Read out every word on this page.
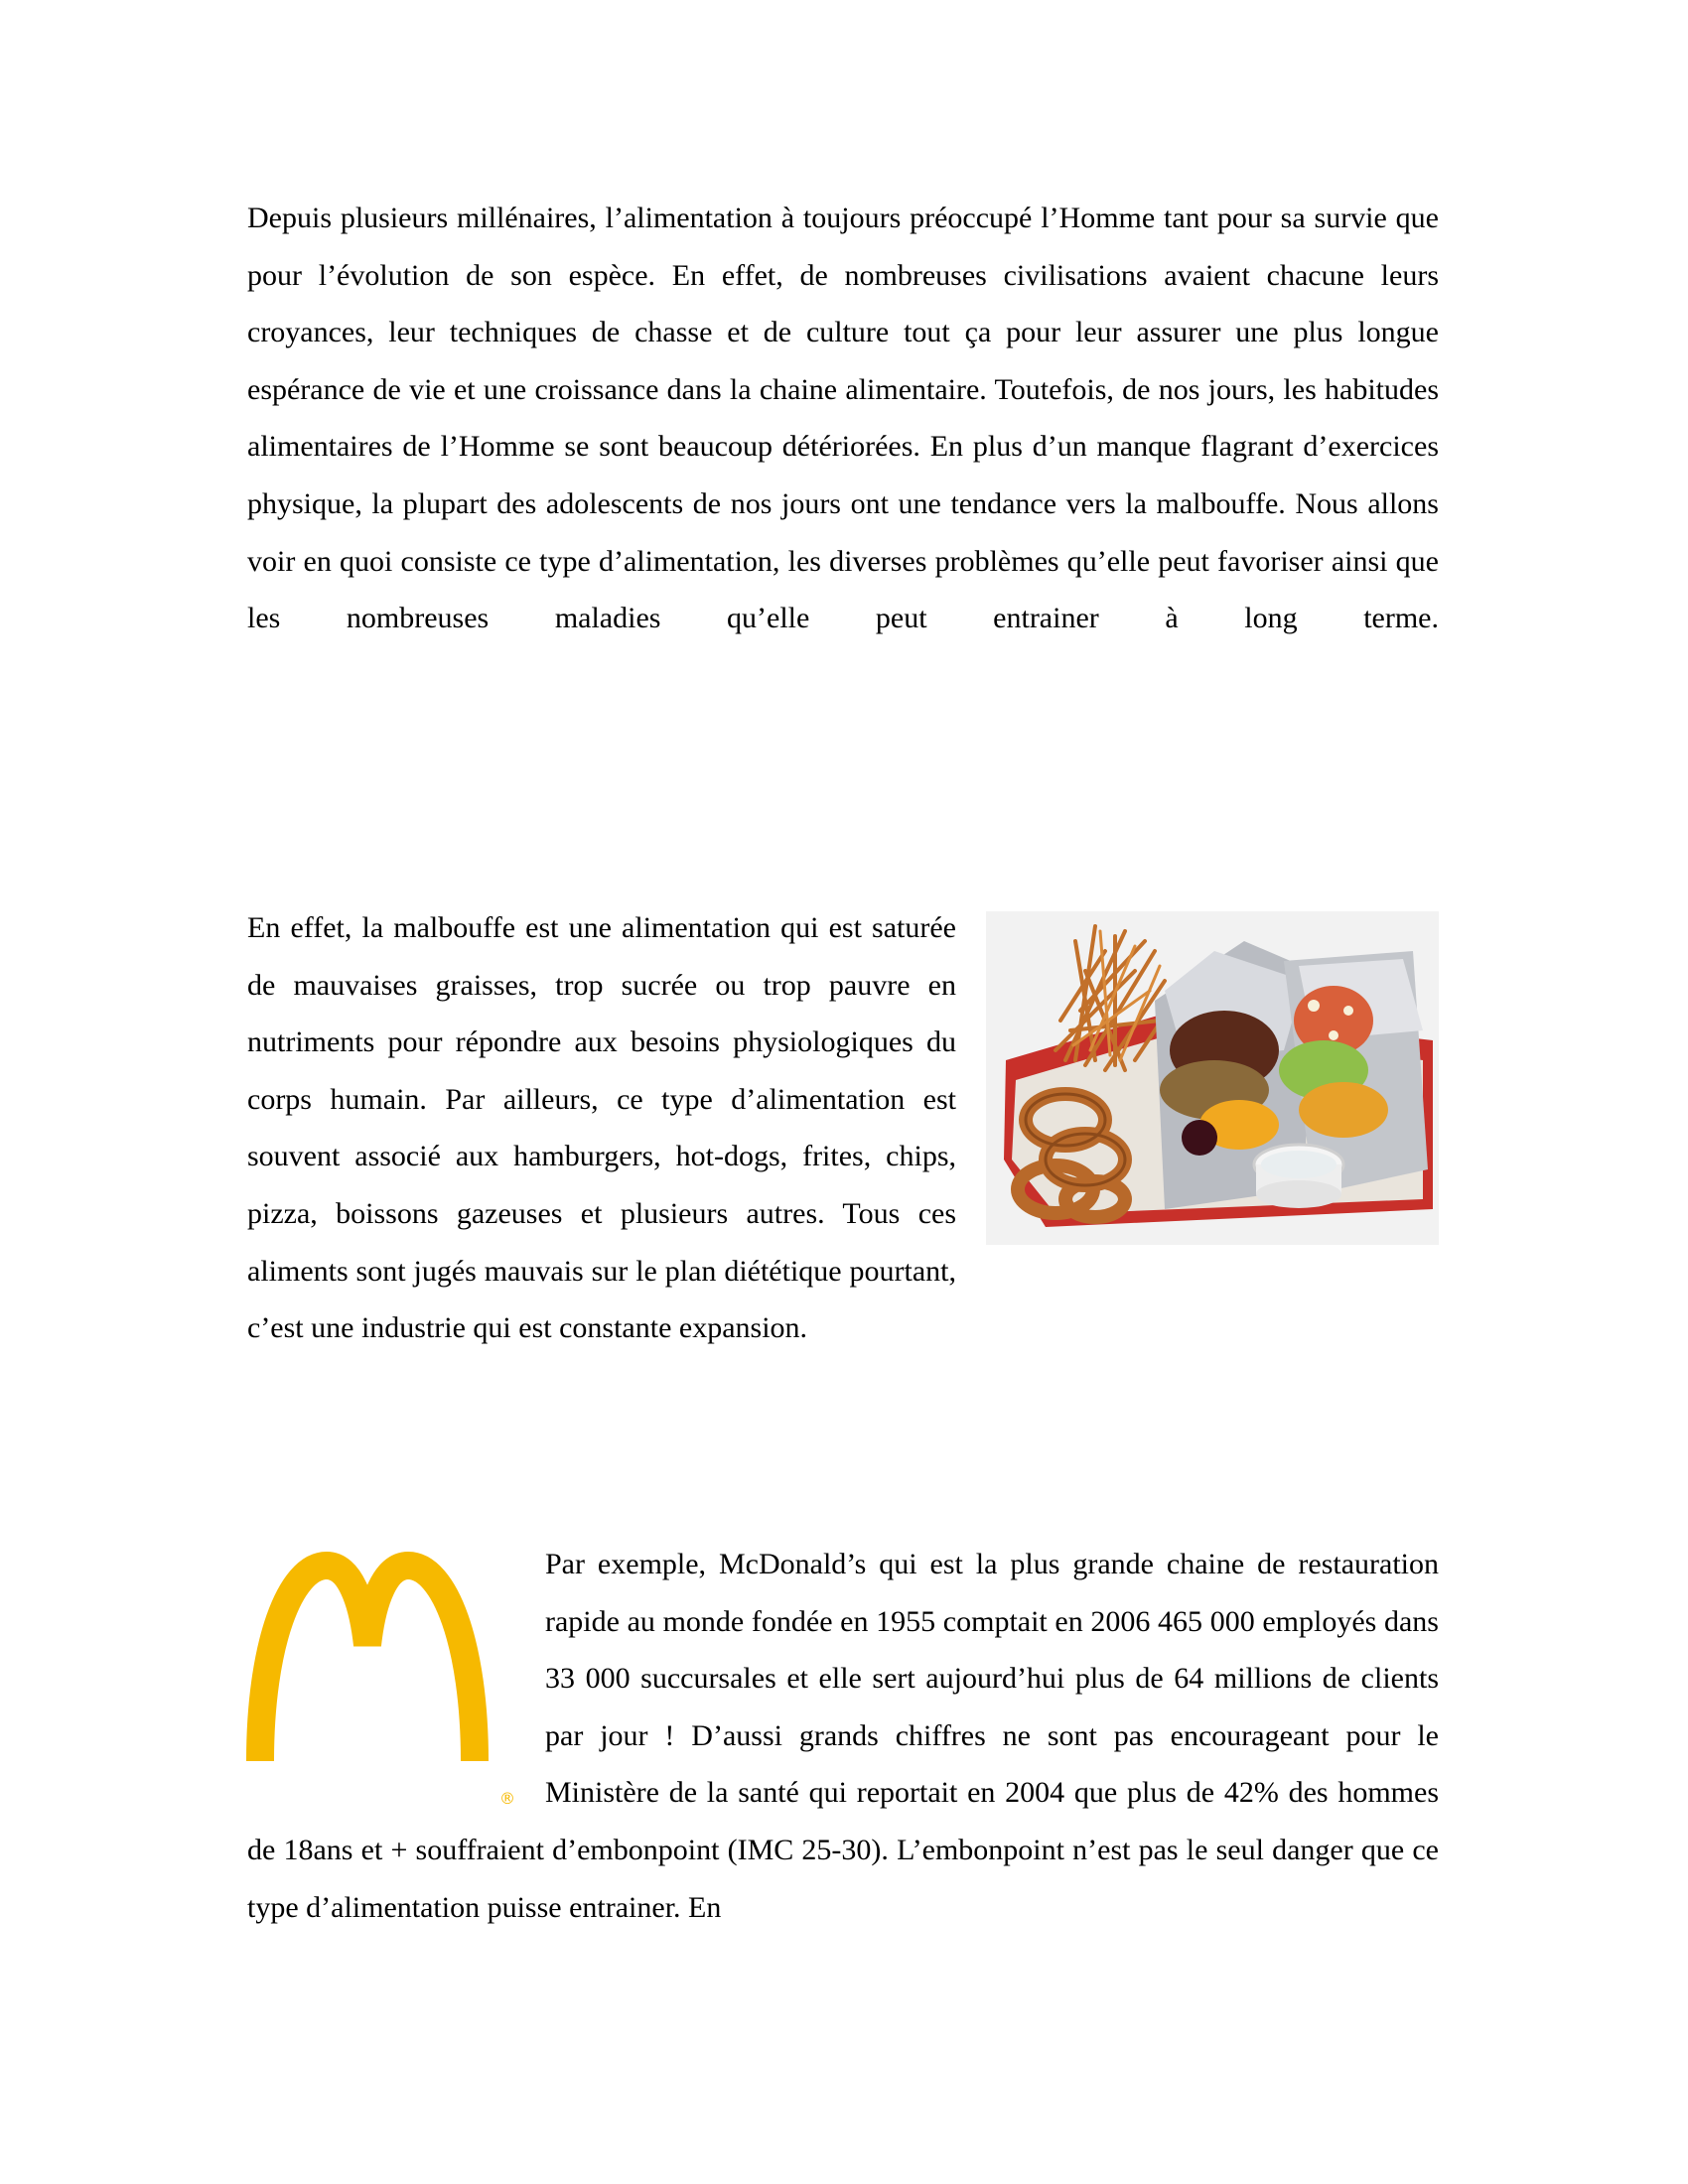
Depuis plusieurs millénaires, l’alimentation à toujours préoccupé l’Homme tant pour sa survie que pour l’évolution de son espèce. En effet, de nombreuses civilisations avaient chacune leurs croyances, leur techniques de chasse et de culture tout ça pour leur assurer une plus longue espérance de vie et une croissance dans la chaine alimentaire. Toutefois, de nos jours, les habitudes alimentaires de l’Homme se sont beaucoup détériorées. En plus d’un manque flagrant d’exercices physique, la plupart des adolescents de nos jours ont une tendance vers la malbouffe. Nous allons voir en quoi consiste ce type d’alimentation, les diverses problèmes qu’elle peut favoriser ainsi que les nombreuses maladies qu’elle peut entrainer à long terme.

En effet, la malbouffe est une alimentation qui est saturée de mauvaises graisses, trop sucrée ou trop pauvre en nutriments pour répondre aux besoins physiologiques du corps humain. Par ailleurs, ce type d’alimentation est souvent associé aux hamburgers, hot-dogs, frites, chips, pizza, boissons gazeuses et plusieurs autres. Tous ces aliments sont jugés mauvais sur le plan diététique pourtant, c’est une industrie qui est constante expansion.
®
Par exemple, McDonald’s qui est la plus grande chaine de restauration rapide au monde fondée en 1955 comptait en 2006 465 000 employés dans 33 000 succursales et elle sert aujourd’hui plus de 64 millions de clients par jour ! D’aussi grands chiffres ne sont pas encourageant pour le Ministère de la santé qui reportait en 2004 que plus de 42% des hommes de 18ans et + souffraient d’embonpoint (IMC 25-30). L’embonpoint n’est pas le seul danger que ce type d’alimentation puisse entrainer. En
